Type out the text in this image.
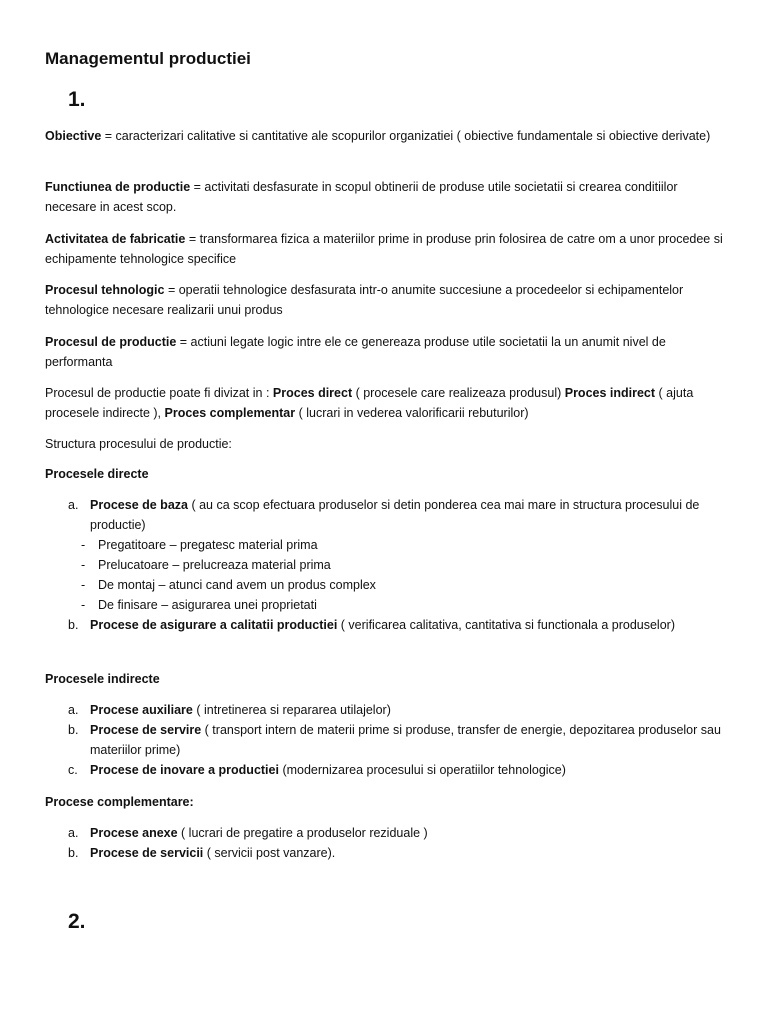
Managementul productiei
1.

Obiective = caracterizari calitative si cantitative ale scopurilor organizatiei ( obiective fundamentale si obiective derivate)

Functiunea de productie = activitati desfasurate in scopul obtinerii de produse utile societatii si crearea conditiilor necesare in acest scop.

Activitatea de fabricatie = transformarea fizica a materiilor prime in produse prin folosirea de catre om a unor procedee si echipamente tehnologice specifice

Procesul tehnologic = operatii tehnologice desfasurata intr-o anumite succesiune a procedeelor si echipamentelor tehnologice necesare realizarii unui produs

Procesul de productie = actiuni legate logic intre ele ce genereaza produse utile societatii la un anumit nivel de performanta

Procesul de productie poate fi divizat in : Proces direct ( procesele care realizeaza produsul) Proces indirect ( ajuta procesele indirecte ), Proces complementar ( lucrari in vederea valorificarii rebuturilor)

Structura procesului de productie:

Procesele directe

a. Procese de baza ( au ca scop efectuara produselor si detin ponderea cea mai mare in structura procesului de productie)
- Pregatitoare – pregatesc material prima
- Prelucatoare – prelucreaza material prima
- De montaj – atunci cand avem un produs complex
- De finisare – asigurarea unei proprietati
b. Procese de asigurare a calitatii productiei ( verificarea calitativa, cantitativa si functionala a produselor)

Procesele indirecte

a. Procese auxiliare ( intretinerea si repararea utilajelor)
b. Procese de servire ( transport intern de materii prime si produse, transfer de energie, depozitarea produselor sau materiilor prime)
c. Procese de inovare a productiei (modernizarea procesului si operatiilor tehnologice)

Procese complementare:

a. Procese anexe ( lucrari de pregatire a produselor reziduale )
b. Procese de servicii ( servicii post vanzare).
2.
